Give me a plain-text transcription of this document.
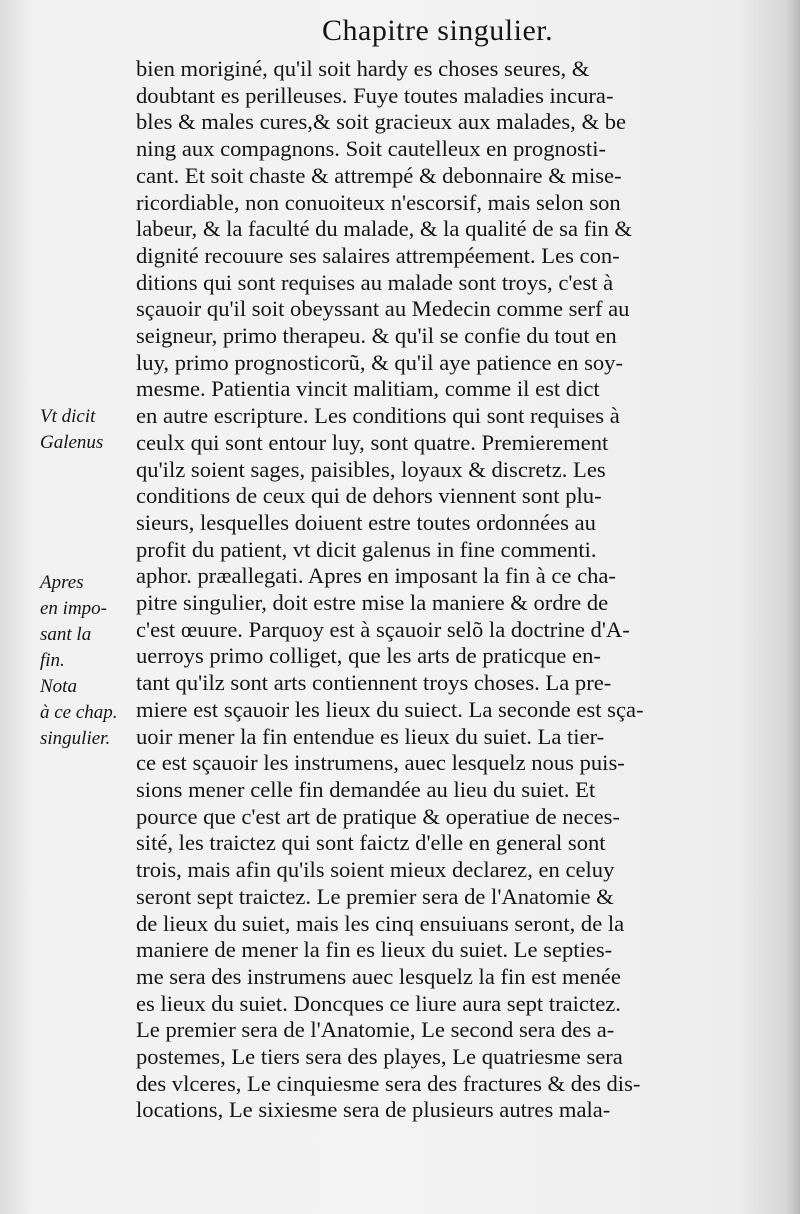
Chapitre singulier.
Vt dicit
Galenus
Apres
en impo-
sant la
fin.
Nota
à ce chap.
singulier.
bien moriginé, qu'il soit hardy es choses seures, &
doubtant es perilleuses. Fuye toutes maladies incura-
bles & males cures,& soit gracieux aux malades, & be
ning aux compagnons. Soit cautelleux en prognosti-
cant. Et soit chaste & attrempé & debonnaire & mise-
ricordiable, non conuoiteux n'escorsif, mais selon son
labeur, & la faculté du malade, & la qualité de sa fin &
dignité recouure ses salaires attrempéement. Les con-
ditions qui sont requises au malade sont troys, c'est à
sçauoir qu'il soit obeyssant au Medecin comme serf au
seigneur, primo therapeu. & qu'il se confie du tout en
luy, primo prognosticorũ, & qu'il aye patience en soy-
mesme. Patientia vincit malitiam, comme il est dict
en autre escripture. Les conditions qui sont requises à
ceulx qui sont entour luy, sont quatre. Premierement
qu'ilz soient sages, paisibles, loyaux & discretz. Les
conditions de ceux qui de dehors viennent sont plu-
sieurs, lesquelles doiuent estre toutes ordonnées au
profit du patient, vt dicit galenus in fine commenti.
aphor. præallegati. Apres en imposant la fin à ce cha-
pitre singulier, doit estre mise la maniere & ordre de
c'est œuure. Parquoy est à sçauoir selõ la doctrine d'A-
uerroys primo colliget, que les arts de praticque en-
tant qu'ilz sont arts contiennent troys choses. La pre-
miere est sçauoir les lieux du suiect. La seconde est sça-
uoir mener la fin entendue es lieux du suiet. La tier-
ce est sçauoir les instrumens, auec lesquelz nous puis-
sions mener celle fin demandée au lieu du suiet. Et
pource que c'est art de pratique & operatiue de neces-
sité, les traictez qui sont faictz d'elle en general sont
trois, mais afin qu'ils soient mieux declarez, en celuy
seront sept traictez. Le premier sera de l'Anatomie &
de lieux du suiet, mais les cinq ensuiuans seront, de la
maniere de mener la fin es lieux du suiet. Le septies-
me sera des instrumens auec lesquelz la fin est menée
es lieux du suiet. Doncques ce liure aura sept traictez.
Le premier sera de l'Anatomie, Le second sera des a-
postemes, Le tiers sera des playes, Le quatriesme sera
des vlceres, Le cinquiesme sera des fractures & des dis-
locations, Le sixiesme sera de plusieurs autres mala-
